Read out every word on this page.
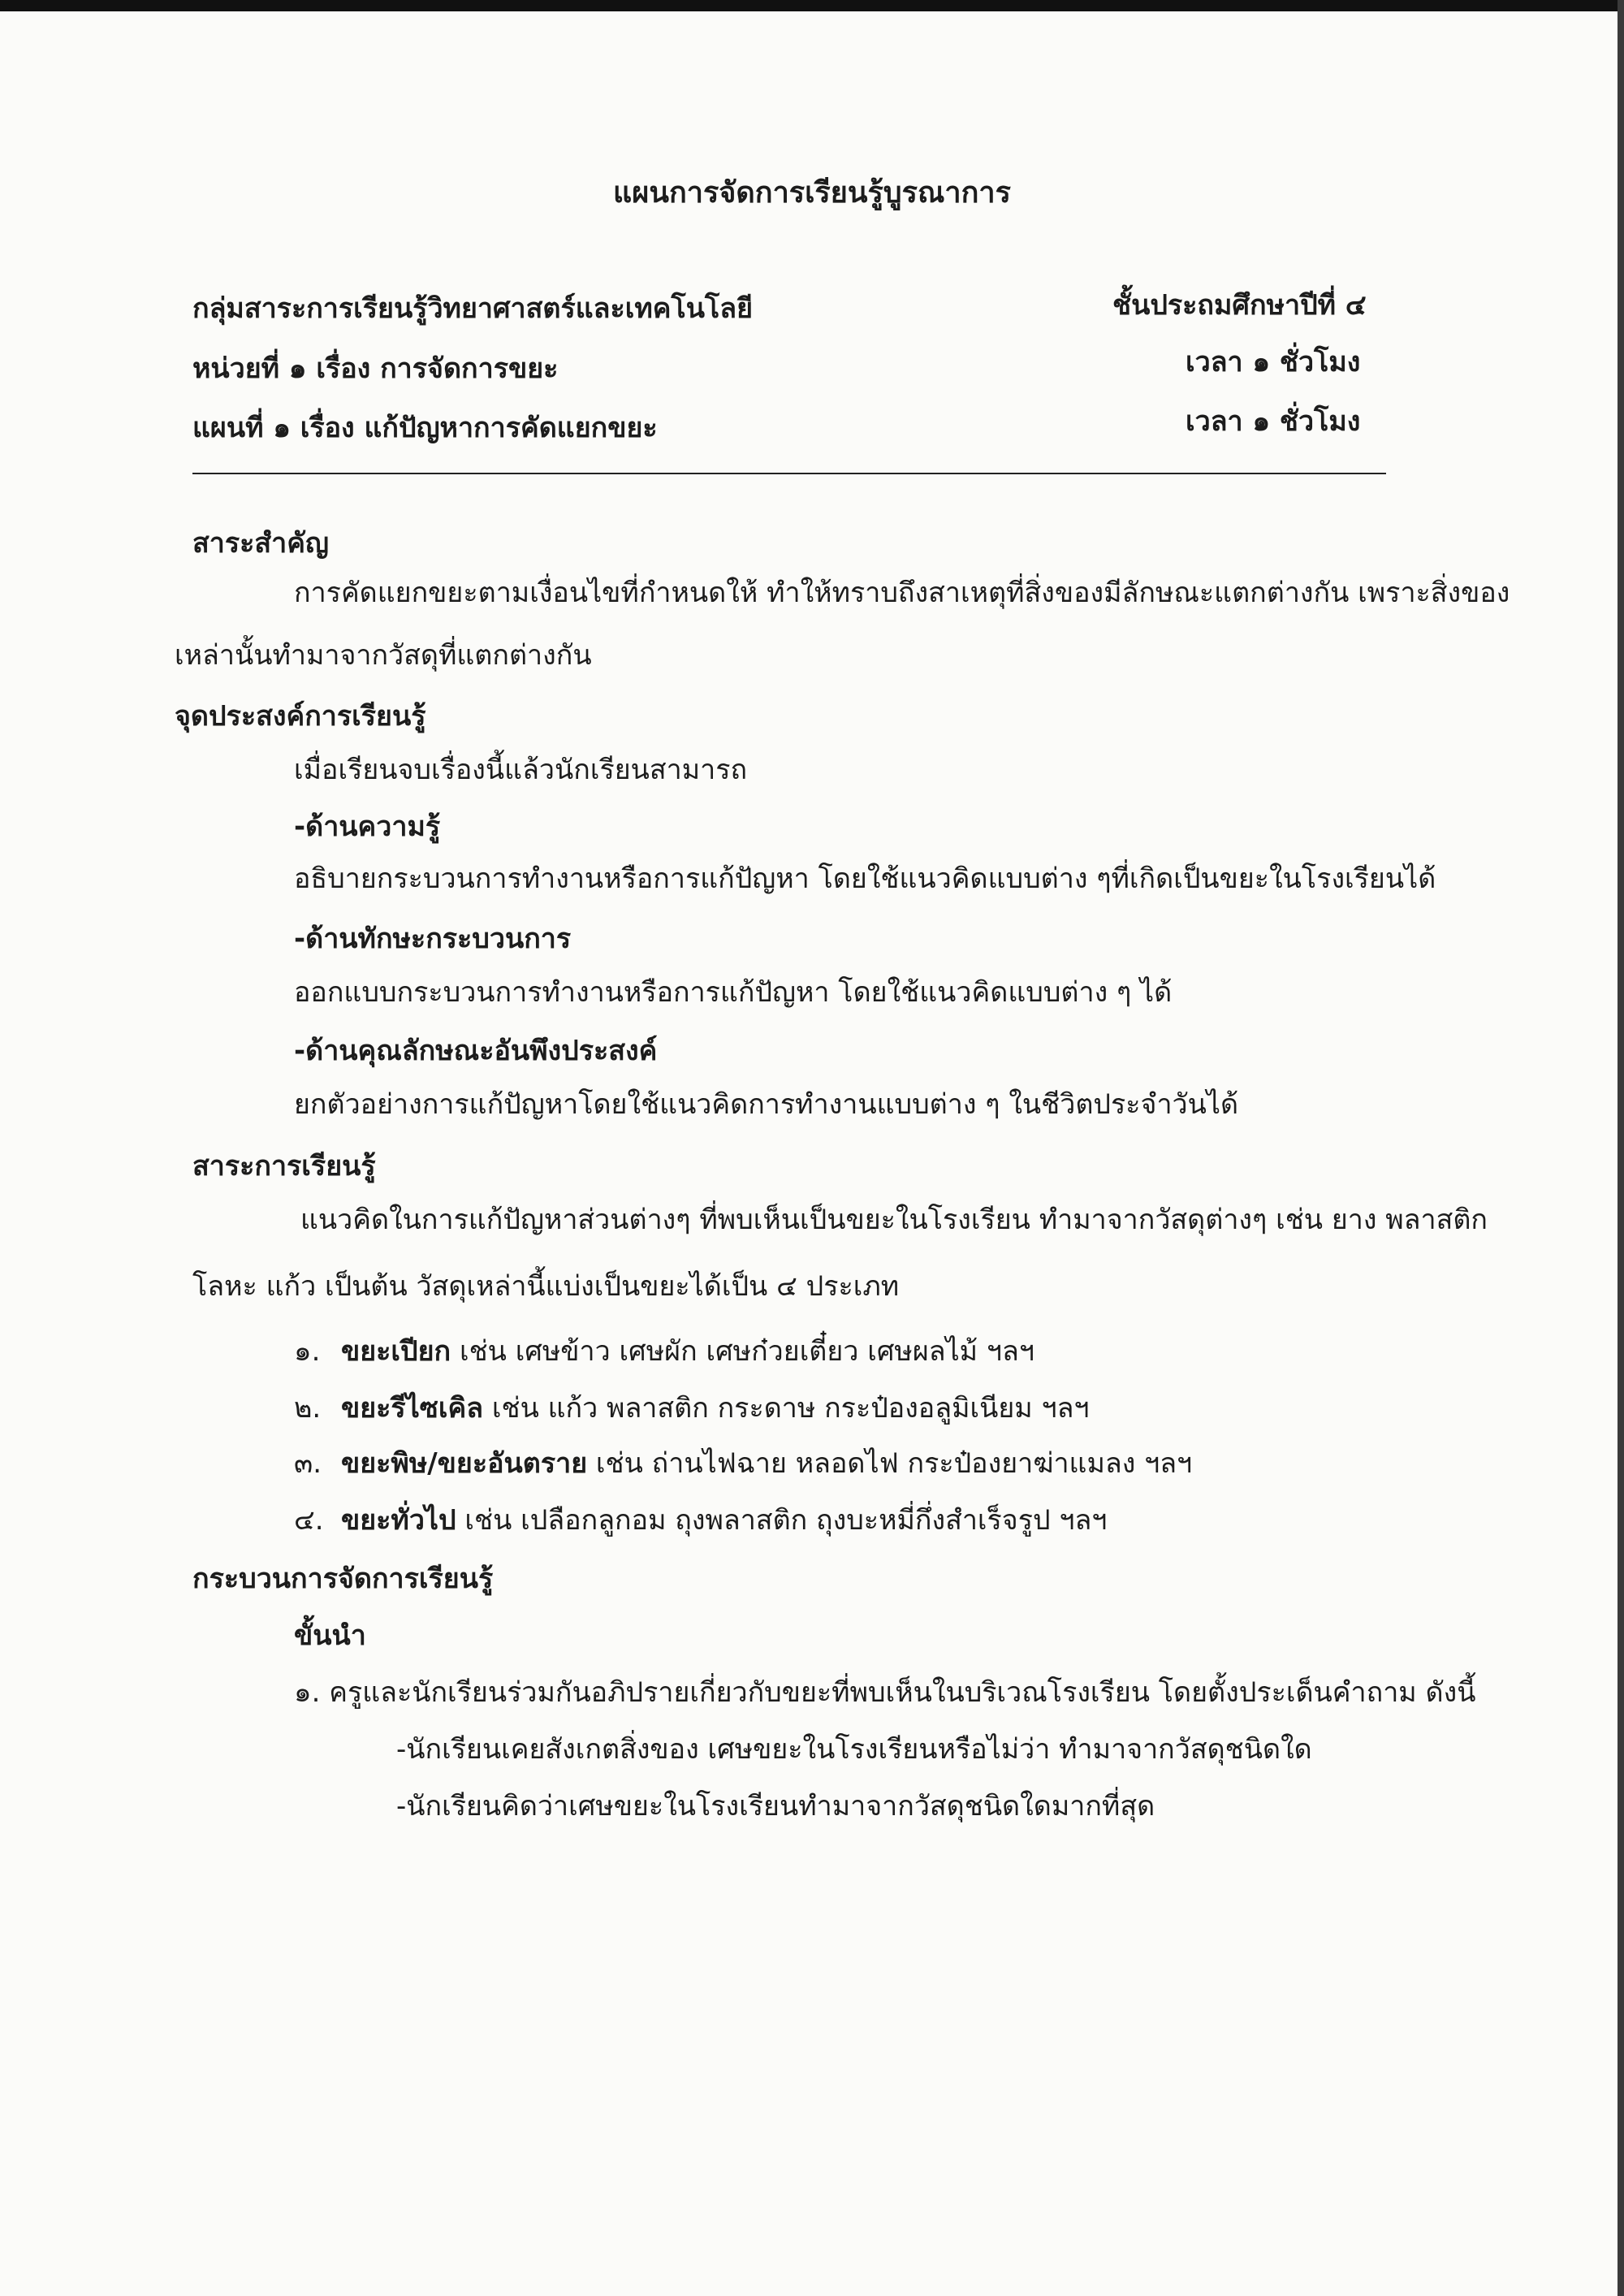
แผนการจัดการเรียนรู้บูรณาการ
กลุ่มสาระการเรียนรู้วิทยาศาสตร์และเทคโนโลยี	ชั้นประถมศึกษาปีที่ ๔
หน่วยที่ ๑ เรื่อง การจัดการขยะ	เวลา ๑ ชั่วโมง
แผนที่ ๑ เรื่อง แก้ปัญหาการคัดแยกขยะ	เวลา ๑ ชั่วโมง
สาระสำคัญ
การคัดแยกขยะตามเงื่อนไขที่กำหนดให้ ทำให้ทราบถึงสาเหตุที่สิ่งของมีลักษณะแตกต่างกัน เพราะสิ่งของ
เหล่านั้นทำมาจากวัสดุที่แตกต่างกัน
จุดประสงค์การเรียนรู้
เมื่อเรียนจบเรื่องนี้แล้วนักเรียนสามารถ
-ด้านความรู้
อธิบายกระบวนการทำงานหรือการแก้ปัญหา โดยใช้แนวคิดแบบต่าง ๆที่เกิดเป็นขยะในโรงเรียนได้
-ด้านทักษะกระบวนการ
ออกแบบกระบวนการทำงานหรือการแก้ปัญหา โดยใช้แนวคิดแบบต่าง ๆ ได้
-ด้านคุณลักษณะอันพึงประสงค์
ยกตัวอย่างการแก้ปัญหาโดยใช้แนวคิดการทำงานแบบต่าง ๆ ในชีวิตประจำวันได้
สาระการเรียนรู้
แนวคิดในการแก้ปัญหาส่วนต่างๆ ที่พบเห็นเป็นขยะในโรงเรียน ทำมาจากวัสดุต่างๆ เช่น ยาง พลาสติก
โลหะ แก้ว เป็นต้น วัสดุเหล่านี้แบ่งเป็นขยะได้เป็น ๔ ประเภท
๑. ขยะเปียก เช่น เศษข้าว เศษผัก เศษก๋วยเตี๋ยว เศษผลไม้ ฯลฯ
๒. ขยะรีไซเคิล เช่น แก้ว พลาสติก กระดาษ กระป๋องอลูมิเนียม ฯลฯ
๓. ขยะพิษ/ขยะอันตราย เช่น ถ่านไฟฉาย หลอดไฟ กระป๋องยาฆ่าแมลง ฯลฯ
๔. ขยะทั่วไป เช่น เปลือกลูกอม ถุงพลาสติก ถุงบะหมี่กึ่งสำเร็จรูป ฯลฯ
กระบวนการจัดการเรียนรู้
ขั้นนำ
๑. ครูและนักเรียนร่วมกันอภิปรายเกี่ยวกับขยะที่พบเห็นในบริเวณโรงเรียน โดยตั้งประเด็นคำถาม ดังนี้
-นักเรียนเคยสังเกตสิ่งของ เศษขยะในโรงเรียนหรือไม่ว่า ทำมาจากวัสดุชนิดใด
-นักเรียนคิดว่าเศษขยะในโรงเรียนทำมาจากวัสดุชนิดใดมากที่สุด
